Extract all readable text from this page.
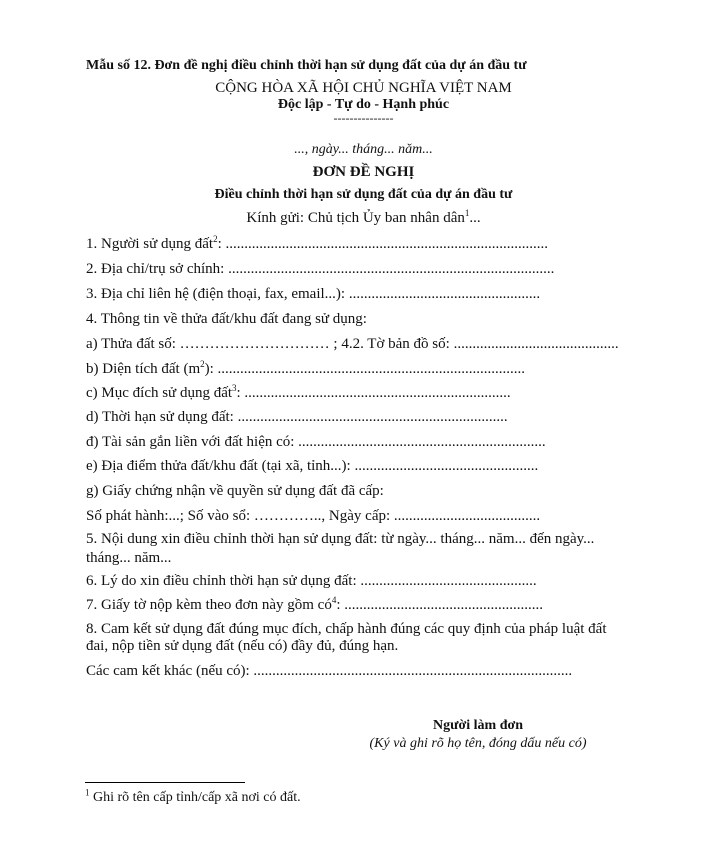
Mẫu số 12. Đơn đề nghị điều chỉnh thời hạn sử dụng đất của dự án đầu tư
CỘNG HÒA XÃ HỘI CHỦ NGHĨA VIỆT NAM
Độc lập - Tự do - Hạnh phúc
---------------
..., ngày... tháng... năm...
ĐƠN ĐỀ NGHỊ
Điều chỉnh thời hạn sử dụng đất của dự án đầu tư
Kính gửi: Chủ tịch Ủy ban nhân dân$^1$...
1. Người sử dụng đất$^2$: ......................................................................................
2. Địa chỉ/trụ sở chính: .......................................................................................
3. Địa chỉ liên hệ (điện thoại, fax, email...): ...................................................
4. Thông tin về thửa đất/khu đất đang sử dụng:
a) Thửa đất số: ………………………… ; 4.2. Tờ bản đồ số: ............................................
b) Diện tích đất $(m^2)$: ..................................................................................
c) Mục đích sử dụng đất$^3$: .......................................................................
d) Thời hạn sử dụng đất: ........................................................................
đ) Tài sản gắn liền với đất hiện có: ..................................................................
e) Địa điểm thửa đất/khu đất (tại xã, tỉnh...): .................................................
g) Giấy chứng nhận về quyền sử dụng đất đã cấp:
Số phát hành:...; Số vào sổ: ………….., Ngày cấp: .......................................
5. Nội dung xin điều chỉnh thời hạn sử dụng đất: từ ngày... tháng... năm... đến ngày...
tháng... năm...
6. Lý do xin điều chỉnh thời hạn sử dụng đất: ...............................................
7. Giấy tờ nộp kèm theo đơn này gồm $có^4$: .....................................................
8. Cam kết sử dụng đất đúng mục đích, chấp hành đúng các quy định của pháp luật đất
đai, nộp tiền sử dụng đất (nếu có) đầy đủ, đúng hạn.
Các cam kết khác (nếu có): .....................................................................................
Người làm đơn
(Ký và ghi rõ họ tên, đóng dấu nếu có)
$^1$ Ghi rõ tên cấp tỉnh/cấp xã nơi có đất.
